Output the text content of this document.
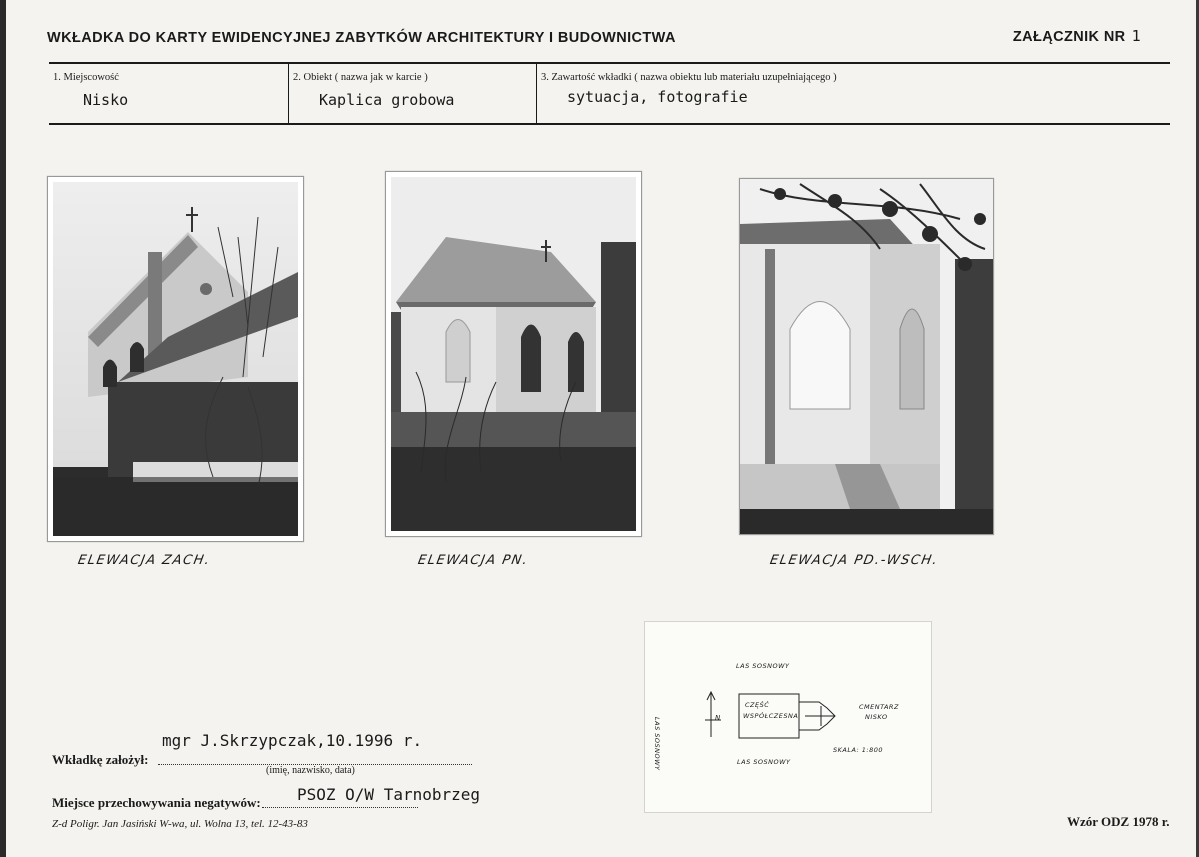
WKŁADKA DO KARTY EWIDENCYJNEJ ZABYTKÓW ARCHITEKTURY I BUDOWNICTWA	ZAŁĄCZNIK NR 1
1. Miejscowość
Nisko
2. Obiekt ( nazwa jak w karcie )
Kaplica grobowa
3. Zawartość wkładki ( nazwa obiektu lub materiału uzupełniającego )
sytuacja, fotografie
ELEWACJA ZACH.	ELEWACJA PN.	ELEWACJA PD.-WSCH.
LAS SOSNOWY
LAS SOSNOWY
LAS SOSNOWY	N
CZĘŚĆ
WSPÓŁCZESNA
CMENTARZ
NISKO
SKALA: 1:800
mgr J.Skrzypczak,10.1996 r.
Wkładkę założył:
(imię, nazwisko, data)
PSOZ O/W Tarnobrzeg
Miejsce przechowywania negatywów:
Z-d Poligr. Jan Jasiński W-wa, ul. Wolna 13, tel. 12-43-83	Wzór ODZ 1978 r.
